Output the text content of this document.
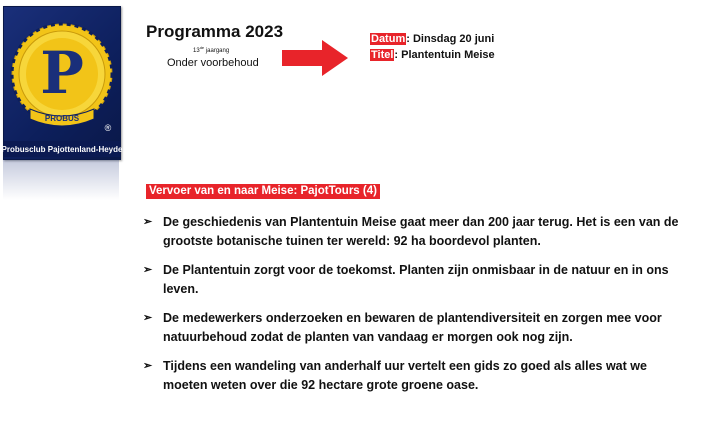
P
PROBUS
®
Probusclub Pajottenland-Heyde
Programma 2023
13de jaargang
Onder voorbehoud
Datum: Dinsdag 20 juni
Titel: Plantentuin Meise
Vervoer van en naar Meise: PajotTours (4)
➢ De geschiedenis van Plantentuin Meise gaat meer dan 200 jaar terug. Het is een van de grootste botanische tuinen ter wereld: 92 ha boordevol planten.
➢ De Plantentuin zorgt voor de toekomst. Planten zijn onmisbaar in de natuur en in ons leven.
➢ De medewerkers onderzoeken en bewaren de plantendiversiteit en zorgen mee voor natuurbehoud zodat de planten van vandaag er morgen ook nog zijn.
➢ Tijdens een wandeling van anderhalf uur vertelt een gids zo goed als alles wat we moeten weten over die 92 hectare grote groene oase.
